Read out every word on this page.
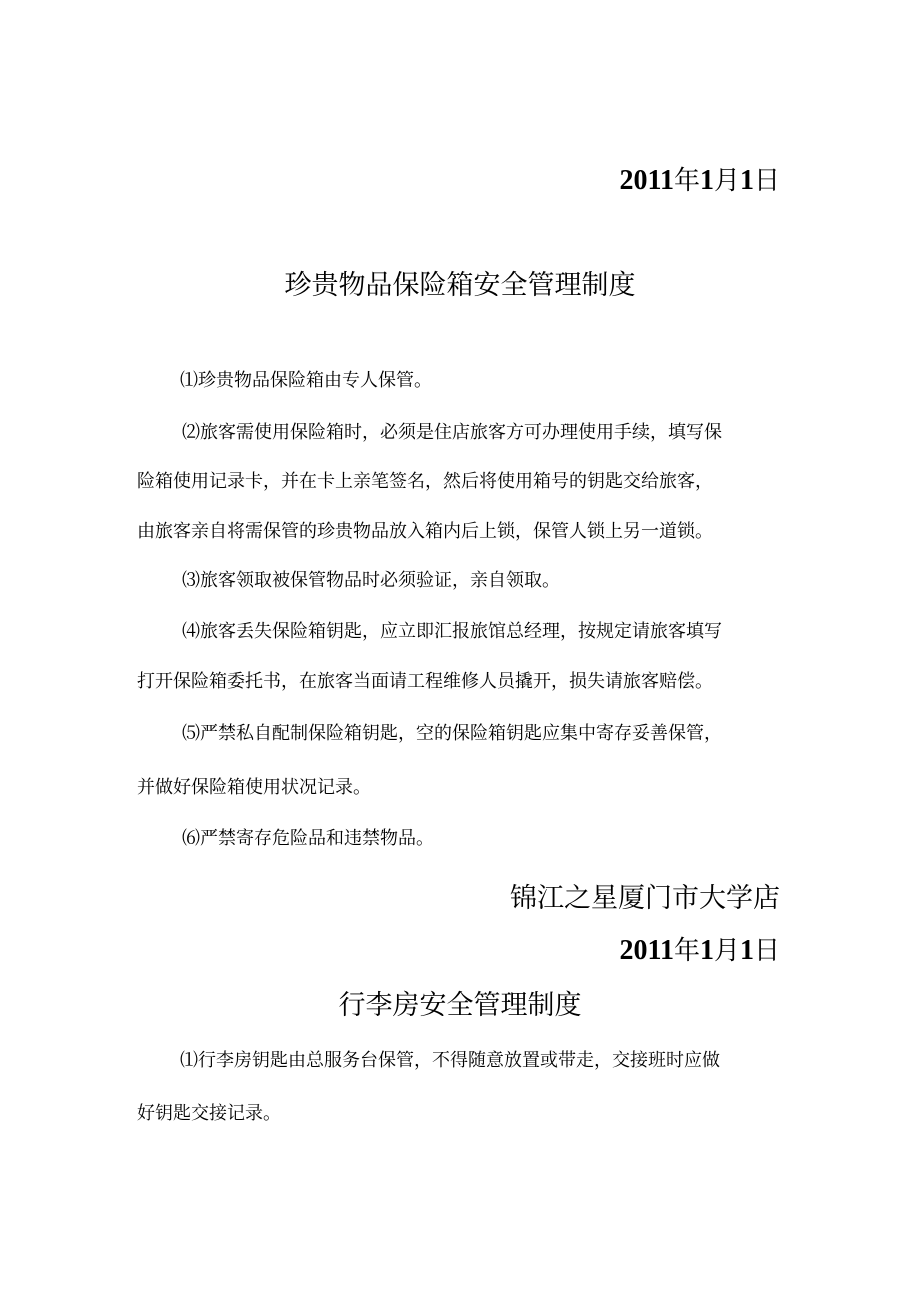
2011年1月1日
珍贵物品保险箱安全管理制度
⑴珍贵物品保险箱由专人保管。
⑵旅客需使用保险箱时，必须是住店旅客方可办理使用手续，填写保
险箱使用记录卡，并在卡上亲笔签名，然后将使用箱号的钥匙交给旅客，
由旅客亲自将需保管的珍贵物品放入箱内后上锁，保管人锁上另一道锁。
⑶旅客领取被保管物品时必须验证，亲自领取。
⑷旅客丢失保险箱钥匙，应立即汇报旅馆总经理，按规定请旅客填写
打开保险箱委托书，在旅客当面请工程维修人员撬开，损失请旅客赔偿。
⑸严禁私自配制保险箱钥匙，空的保险箱钥匙应集中寄存妥善保管，
并做好保险箱使用状况记录。
⑹严禁寄存危险品和违禁物品。
锦江之星厦门市大学店
2011年1月1日
行李房安全管理制度
⑴行李房钥匙由总服务台保管，不得随意放置或带走，交接班时应做
好钥匙交接记录。
